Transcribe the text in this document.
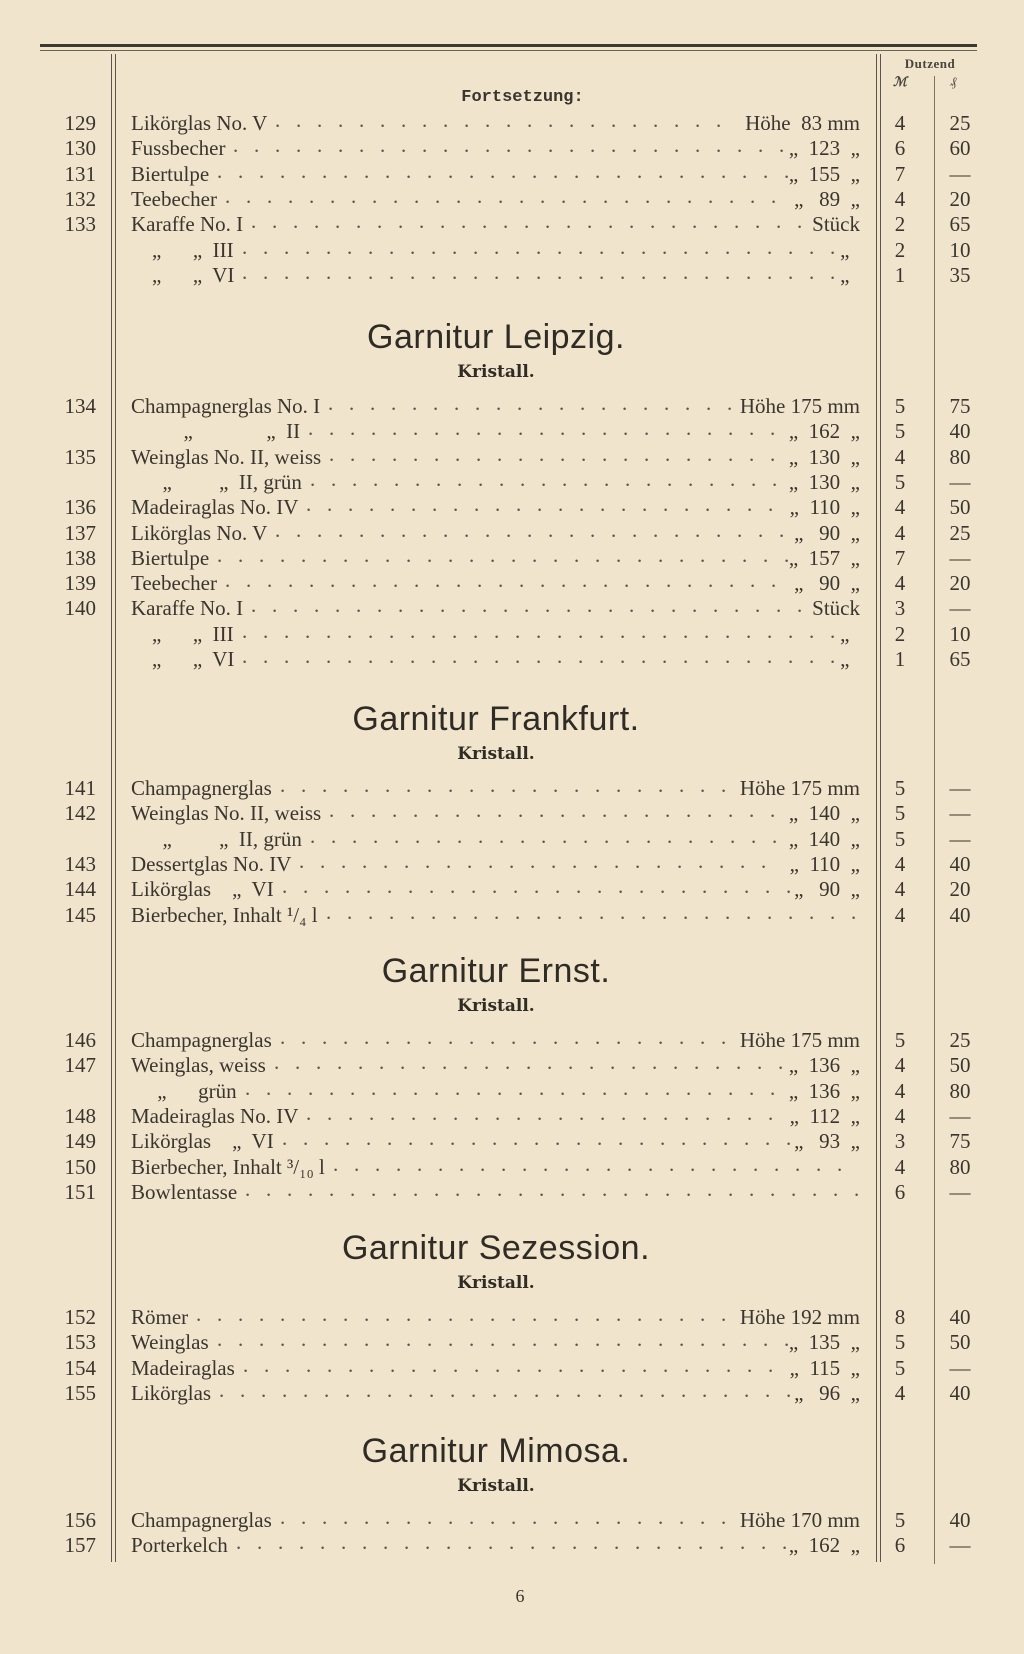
Dutzend
ℳ	₰
Fortsetzung:
129 Likörglas No. V .   .   .   .   .   .   .   .   .   .   .   .   .   .   .   .   .   .   .   .   .   . Höhe  83 mm	4	25
130 Fussbecher .   .   .   .   .   .   .   .   .   .   .   .   .   .   .   .   .   .   .   .   .   .   .   .   .   .   . „  123  „	6	60
131 Biertulpe .   .   .   .   .   .   .   .   .   .   .   .   .   .   .   .   .   .   .   .   .   .   .   .   .   .   .   . „  155  „	7	—
132 Teebecher .   .   .   .   .   .   .   .   .   .   .   .   .   .   .   .   .   .   .   .   .   .   .   .   .   .   . „   89  „	4	20
133 Karaffe No. I .   .   .   .   .   .   .   .   .   .   .   .   .   .   .   .   .   .   .   .   .   .   .   .   .   .   . Stück	2	65
„      „  III .   .   .   .   .   .   .   .   .   .   .   .   .   .   .   .   .   .   .   .   .   .   .   .   .   .   .   .   . „	2	10
„      „  VI .   .   .   .   .   .   .   .   .   .   .   .   .   .   .   .   .   .   .   .   .   .   .   .   .   .   .   .   . „	1	35
Garnitur Leipzig.
Kristall.
134 Champagnerglas No. I .   .   .   .   .   .   .   .   .   .   .   .   .   .   .   .   .   .   .   . Höhe 175 mm	5	75
„              „  II .   .   .   .   .   .   .   .   .   .   .   .   .   .   .   .   .   .   .   .   .   .   . „  162  „	5	40
135 Weinglas No. II, weiss .   .   .   .   .   .   .   .   .   .   .   .   .   .   .   .   .   .   .   .   .   . „  130  „	4	80
„         „  II, grün .   .   .   .   .   .   .   .   .   .   .   .   .   .   .   .   .   .   .   .   .   .   . „  130  „	5	—
136 Madeiraglas No. IV .   .   .   .   .   .   .   .   .   .   .   .   .   .   .   .   .   .   .   .   .   .   . „  110  „	4	50
137 Likörglas No. V .   .   .   .   .   .   .   .   .   .   .   .   .   .   .   .   .   .   .   .   .   .   .   .   . „   90  „	4	25
138 Biertulpe .   .   .   .   .   .   .   .   .   .   .   .   .   .   .   .   .   .   .   .   .   .   .   .   .   .   .   . „  157  „	7	—
139 Teebecher .   .   .   .   .   .   .   .   .   .   .   .   .   .   .   .   .   .   .   .   .   .   .   .   .   .   . „   90  „	4	20
140 Karaffe No. I .   .   .   .   .   .   .   .   .   .   .   .   .   .   .   .   .   .   .   .   .   .   .   .   .   .   . Stück	3	—
„      „  III .   .   .   .   .   .   .   .   .   .   .   .   .   .   .   .   .   .   .   .   .   .   .   .   .   .   .   .   . „	2	10
„      „  VI .   .   .   .   .   .   .   .   .   .   .   .   .   .   .   .   .   .   .   .   .   .   .   .   .   .   .   .   . „	1	65
Garnitur Frankfurt.
Kristall.
141 Champagnerglas .   .   .   .   .   .   .   .   .   .   .   .   .   .   .   .   .   .   .   .   .   . Höhe 175 mm	5	—
142 Weinglas No. II, weiss .   .   .   .   .   .   .   .   .   .   .   .   .   .   .   .   .   .   .   .   .   . „  140  „	5	—
„         „  II, grün .   .   .   .   .   .   .   .   .   .   .   .   .   .   .   .   .   .   .   .   .   .   . „  140  „	5	—
143 Dessertglas No. IV .   .   .   .   .   .   .   .   .   .   .   .   .   .   .   .   .   .   .   .   .   .   . „  110  „	4	40
144 Likörglas    „  VI .   .   .   .   .   .   .   .   .   .   .   .   .   .   .   .   .   .   .   .   .   .   .   .   . „   90  „	4	20
145 Bierbecher, Inhalt ¹/₄ l .   .   .   .   .   .   .   .   .   .   .   .   .   .   .   .   .   .   .   .   .   .   .   .   .   .	4	40
Garnitur Ernst.
Kristall.
146 Champagnerglas .   .   .   .   .   .   .   .   .   .   .   .   .   .   .   .   .   .   .   .   .   . Höhe 175 mm	5	25
147 Weinglas, weiss .   .   .   .   .   .   .   .   .   .   .   .   .   .   .   .   .   .   .   .   .   .   .   .   . „  136  „	4	50
„      grün .   .   .   .   .   .   .   .   .   .   .   .   .   .   .   .   .   .   .   .   .   .   .   .   .   . „  136  „	4	80
148 Madeiraglas No. IV .   .   .   .   .   .   .   .   .   .   .   .   .   .   .   .   .   .   .   .   .   .   . „  112  „	4	—
149 Likörglas    „  VI .   .   .   .   .   .   .   .   .   .   .   .   .   .   .   .   .   .   .   .   .   .   .   .   . „   93  „	3	75
150 Bierbecher, Inhalt ³/₁₀ l .   .   .   .   .   .   .   .   .   .   .   .   .   .   .   .   .   .   .   .   .   .   .   .   .	4	80
151 Bowlentasse .   .   .   .   .   .   .   .   .   .   .   .   .   .   .   .   .   .   .   .   .   .   .   .   .   .   .   .   .   .	6	—
Garnitur Sezession.
Kristall.
152 Römer .   .   .   .   .   .   .   .   .   .   .   .   .   .   .   .   .   .   .   .   .   .   .   .   .   . Höhe 192 mm	8	40
153 Weinglas .   .   .   .   .   .   .   .   .   .   .   .   .   .   .   .   .   .   .   .   .   .   .   .   .   .   .   . „  135  „	5	50
154 Madeiraglas .   .   .   .   .   .   .   .   .   .   .   .   .   .   .   .   .   .   .   .   .   .   .   .   .   . „  115  „	5	—
155 Likörglas .   .   .   .   .   .   .   .   .   .   .   .   .   .   .   .   .   .   .   .   .   .   .   .   .   .   .   . „   96  „	4	40
Garnitur Mimosa.
Kristall.
156 Champagnerglas .   .   .   .   .   .   .   .   .   .   .   .   .   .   .   .   .   .   .   .   .   . Höhe 170 mm	5	40
157 Porterkelch .   .   .   .   .   .   .   .   .   .   .   .   .   .   .   .   .   .   .   .   .   .   .   .   .   .   . „  162  „	6	—
6
